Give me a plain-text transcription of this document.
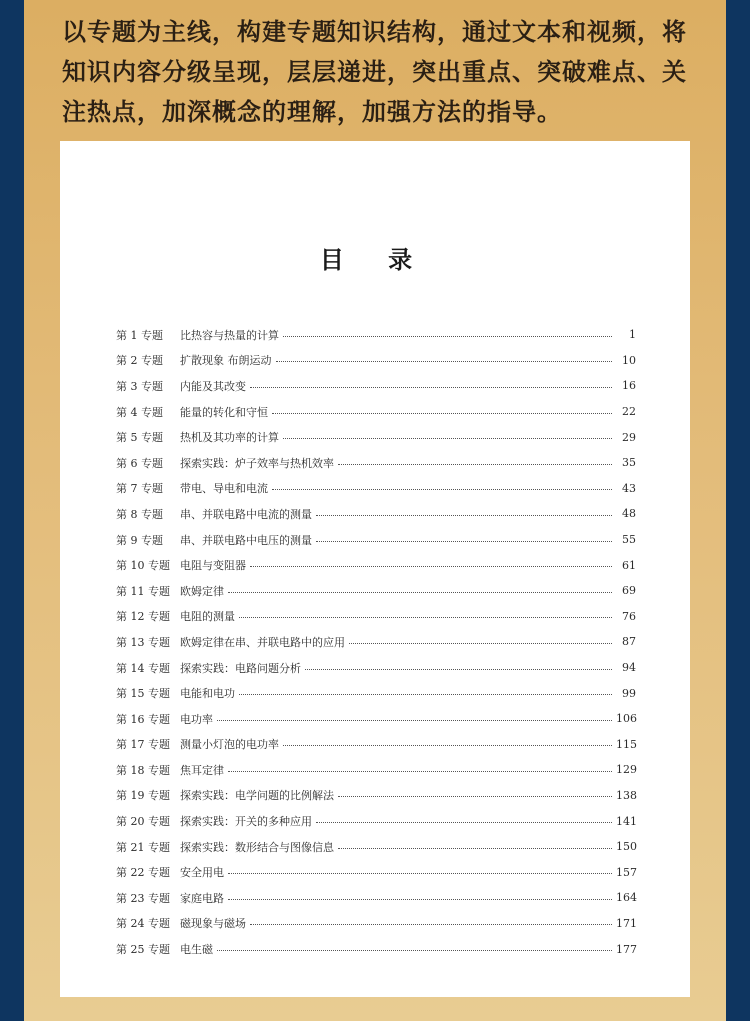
以专题为主线，构建专题知识结构，通过文本和视频，将知识内容分级呈现，层层递进，突出重点、突破难点、关注热点，加深概念的理解，加强方法的指导。

目 录
第 1 专题	比热容与热量的计算	1
第 2 专题	扩散现象 布朗运动	10
第 3 专题	内能及其改变	16
第 4 专题	能量的转化和守恒	22
第 5 专题	热机及其功率的计算	29
第 6 专题	探索实践：炉子效率与热机效率	35
第 7 专题	带电、导电和电流	43
第 8 专题	串、并联电路中电流的测量	48
第 9 专题	串、并联电路中电压的测量	55
第 10 专题 电阻与变阻器	61
第 11 专题 欧姆定律	69
第 12 专题 电阻的测量	76
第 13 专题 欧姆定律在串、并联电路中的应用	87
第 14 专题 探索实践：电路问题分析	94
第 15 专题 电能和电功	99
第 16 专题 电功率	106
第 17 专题 测量小灯泡的电功率	115
第 18 专题 焦耳定律	129
第 19 专题 探索实践：电学问题的比例解法	138
第 20 专题 探索实践：开关的多种应用	141
第 21 专题 探索实践：数形结合与图像信息	150
第 22 专题 安全用电	157
第 23 专题 家庭电路	164
第 24 专题 磁现象与磁场	171
第 25 专题 电生磁	177
